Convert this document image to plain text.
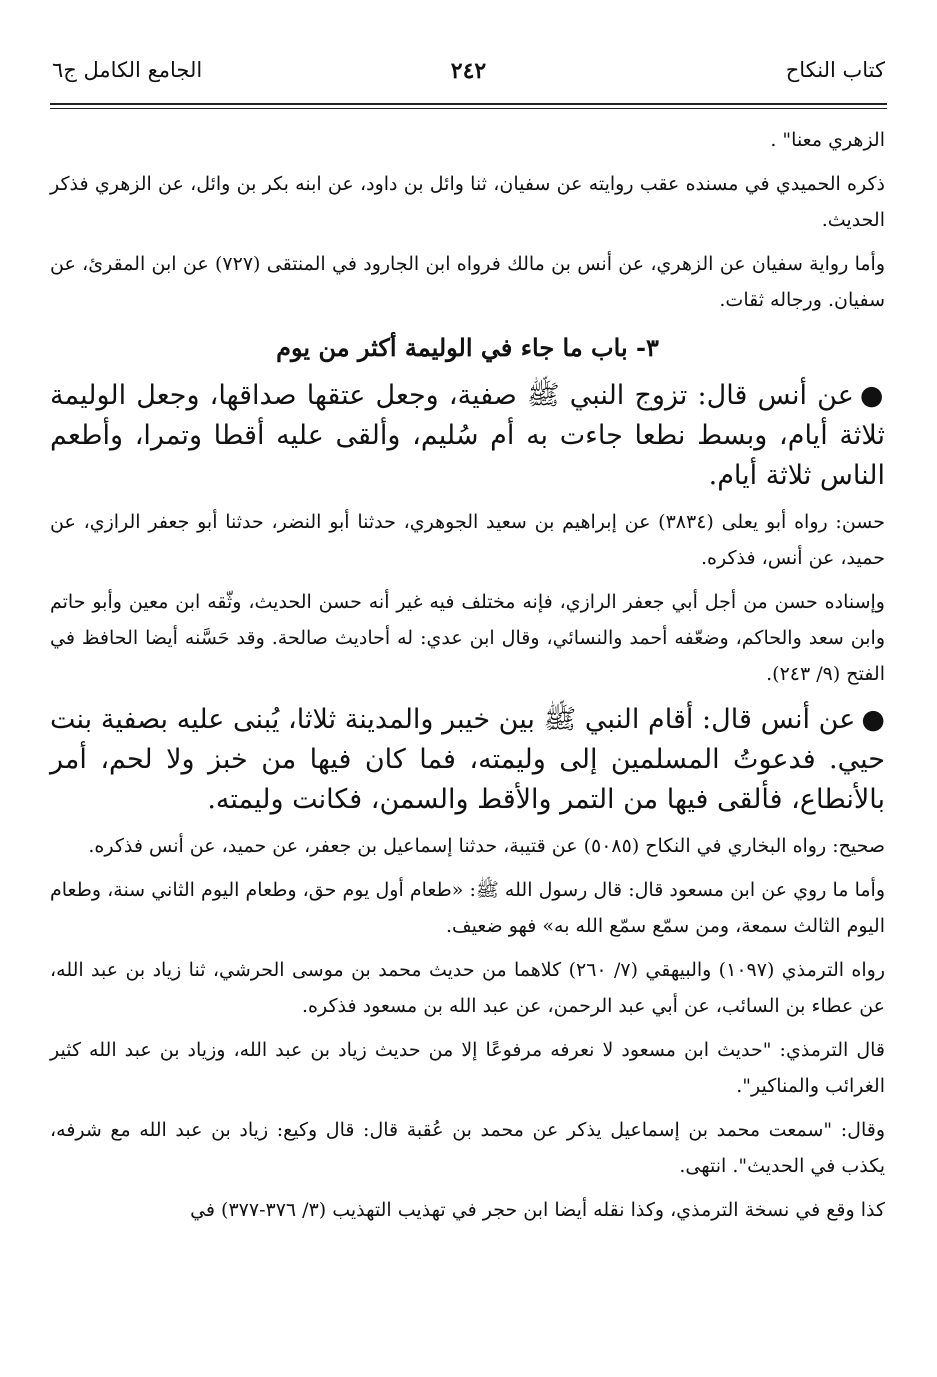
كتاب النكاح
٢٤٢
الجامع الكامل ج٦

الزهري معنا" .

ذكره الحميدي في مسنده عقب روايته عن سفيان، ثنا وائل بن داود، عن ابنه بكر بن وائل، عن الزهري فذكر الحديث.

وأما رواية سفيان عن الزهري، عن أنس بن مالك فرواه ابن الجارود في المنتقى (٧٢٧) عن ابن المقرئ، عن سفيان. ورجاله ثقات.

٣- باب ما جاء في الوليمة أكثر من يوم

●عن أنس قال: تزوج النبي ﷺ صفية، وجعل عتقها صداقها، وجعل الوليمة ثلاثة أيام، وبسط نطعا جاءت به أم سُليم، وألقى عليه أقطا وتمرا، وأطعم الناس ثلاثة أيام.

حسن: رواه أبو يعلى (٣٨٣٤) عن إبراهيم بن سعيد الجوهري، حدثنا أبو النضر، حدثنا أبو جعفر الرازي، عن حميد، عن أنس، فذكره.

وإسناده حسن من أجل أبي جعفر الرازي، فإنه مختلف فيه غير أنه حسن الحديث، وثّقه ابن معين وأبو حاتم وابن سعد والحاكم، وضعّفه أحمد والنسائي، وقال ابن عدي: له أحاديث صالحة. وقد حَسَّنه أيضا الحافظ في الفتح (٩/ ٢٤٣).

●عن أنس قال: أقام النبي ﷺ بين خيبر والمدينة ثلاثا، يُبنى عليه بصفية بنت حيي. فدعوتُ المسلمين إلى وليمته، فما كان فيها من خبز ولا لحم، أمر بالأنطاع، فألقى فيها من التمر والأقط والسمن، فكانت وليمته.

صحيح: رواه البخاري في النكاح (٥٠٨٥) عن قتيبة، حدثنا إسماعيل بن جعفر، عن حميد، عن أنس فذكره.

وأما ما روي عن ابن مسعود قال: قال رسول الله ﷺ: «طعام أول يوم حق، وطعام اليوم الثاني سنة، وطعام اليوم الثالث سمعة، ومن سمّع سمّع الله به» فهو ضعيف.

رواه الترمذي (١٠٩٧) والبيهقي (٧/ ٢٦٠) كلاهما من حديث محمد بن موسى الحرشي، ثنا زياد بن عبد الله، عن عطاء بن السائب، عن أبي عبد الرحمن، عن عبد الله بن مسعود فذكره.

قال الترمذي: "حديث ابن مسعود لا نعرفه مرفوعًا إلا من حديث زياد بن عبد الله، وزياد بن عبد الله كثير الغرائب والمناكير".

وقال: "سمعت محمد بن إسماعيل يذكر عن محمد بن عُقبة قال: قال وكيع: زياد بن عبد الله مع شرفه، يكذب في الحديث". انتهى.

كذا وقع في نسخة الترمذي، وكذا نقله أيضا ابن حجر في تهذيب التهذيب (٣/ ٣٧٦-٣٧٧) في
